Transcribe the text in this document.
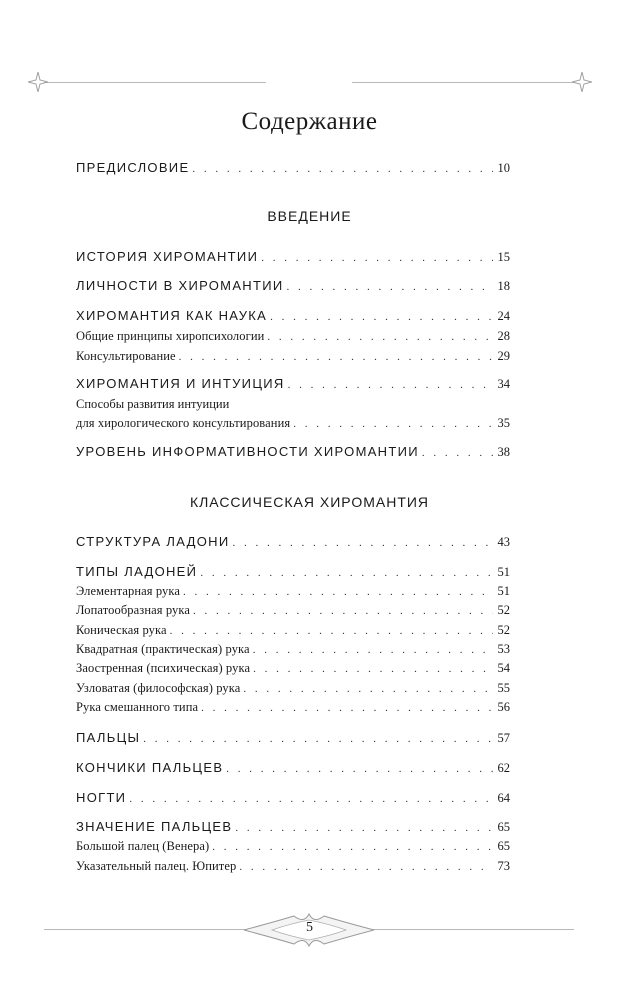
Содержание
ПРЕДИСЛОВИЕ . . .	10
ВВЕДЕНИЕ
ИСТОРИЯ ХИРОМАНТИИ . . .	15
ЛИЧНОСТИ В ХИРОМАНТИИ . . .	18
ХИРОМАНТИЯ КАК НАУКА . . .	24
Общие принципы хиропсихологии . . .	28
Консультирование . . .	29
ХИРОМАНТИЯ И ИНТУИЦИЯ . . .	34
Способы развития интуиции
для хирологического консультирования . . .	35
УРОВЕНЬ ИНФОРМАТИВНОСТИ ХИРОМАНТИИ . . .	38
КЛАССИЧЕСКАЯ ХИРОМАНТИЯ
СТРУКТУРА ЛАДОНИ . . .	43
ТИПЫ ЛАДОНЕЙ . . .	51
Элементарная рука . . .	51
Лопатообразная рука . . .	52
Коническая рука . . .	52
Квадратная (практическая) рука . . .	53
Заостренная (психическая) рука . . .	54
Узловатая (философская) рука . . .	55
Рука смешанного типа . . .	56
ПАЛЬЦЫ . . .	57
КОНЧИКИ ПАЛЬЦЕВ . . .	62
НОГТИ . . .	64
ЗНАЧЕНИЕ ПАЛЬЦЕВ . . .	65
Большой палец (Венера) . . .	65
Указательный палец. Юпитер . . .	73
5
